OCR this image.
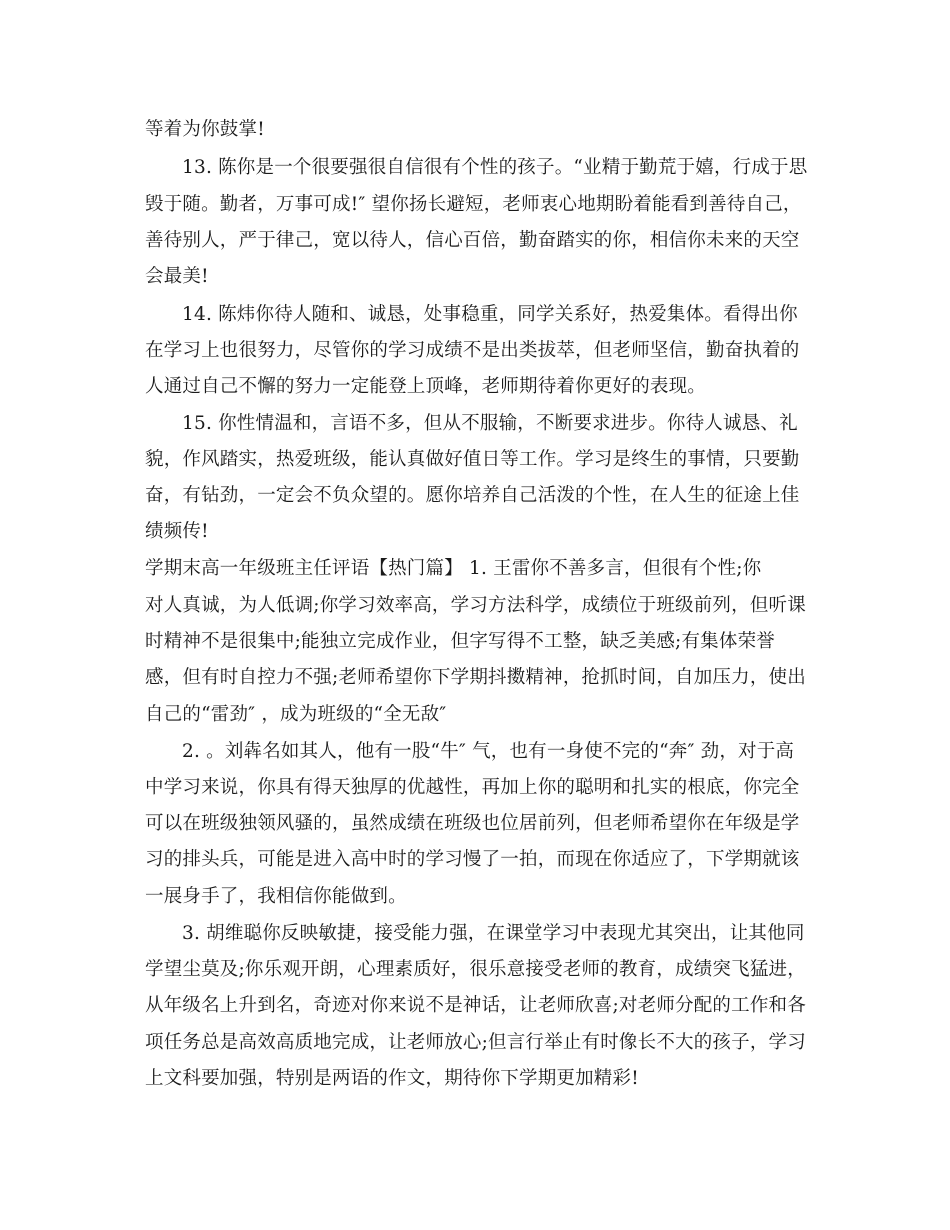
等着为你鼓掌!
13. 陈你是一个很要强很自信很有个性的孩子。“业精于勤荒于嬉，行成于思
毁于随。勤者，万事可成!″ 望你扬长避短，老师衷心地期盼着能看到善待自己，
善待别人，严于律己，宽以待人，信心百倍，勤奋踏实的你，相信你未来的天空
会最美!
14. 陈炜你待人随和、诚恳，处事稳重，同学关系好，热爱集体。看得出你
在学习上也很努力，尽管你的学习成绩不是出类拔萃，但老师坚信，勤奋执着的
人通过自己不懈的努力一定能登上顶峰，老师期待着你更好的表现。
15. 你性情温和，言语不多，但从不服输，不断要求进步。你待人诚恳、礼
貌，作风踏实，热爱班级，能认真做好值日等工作。学习是终生的事情，只要勤
奋，有钻劲，一定会不负众望的。愿你培养自己活泼的个性，在人生的征途上佳
绩频传!
学期末高一年级班主任评语【热门篇】 1. 王雷你不善多言，但很有个性;你
对人真诚，为人低调;你学习效率高，学习方法科学，成绩位于班级前列，但听课
时精神不是很集中;能独立完成作业，但字写得不工整，缺乏美感;有集体荣誉
感，但有时自控力不强;老师希望你下学期抖擞精神，抢抓时间，自加压力，使出
自己的“雷劲″ ，成为班级的“全无敌″
2. 。刘犇名如其人，他有一股“牛″ 气，也有一身使不完的“奔″ 劲，对于高
中学习来说，你具有得天独厚的优越性，再加上你的聪明和扎实的根底，你完全
可以在班级独领风骚的，虽然成绩在班级也位居前列，但老师希望你在年级是学
习的排头兵，可能是进入高中时的学习慢了一拍，而现在你适应了，下学期就该
一展身手了，我相信你能做到。
3. 胡维聪你反映敏捷，接受能力强，在课堂学习中表现尤其突出，让其他同
学望尘莫及;你乐观开朗，心理素质好，很乐意接受老师的教育，成绩突飞猛进，
从年级名上升到名，奇迹对你来说不是神话，让老师欣喜;对老师分配的工作和各
项任务总是高效高质地完成，让老师放心;但言行举止有时像长不大的孩子，学习
上文科要加强，特别是两语的作文，期待你下学期更加精彩!
